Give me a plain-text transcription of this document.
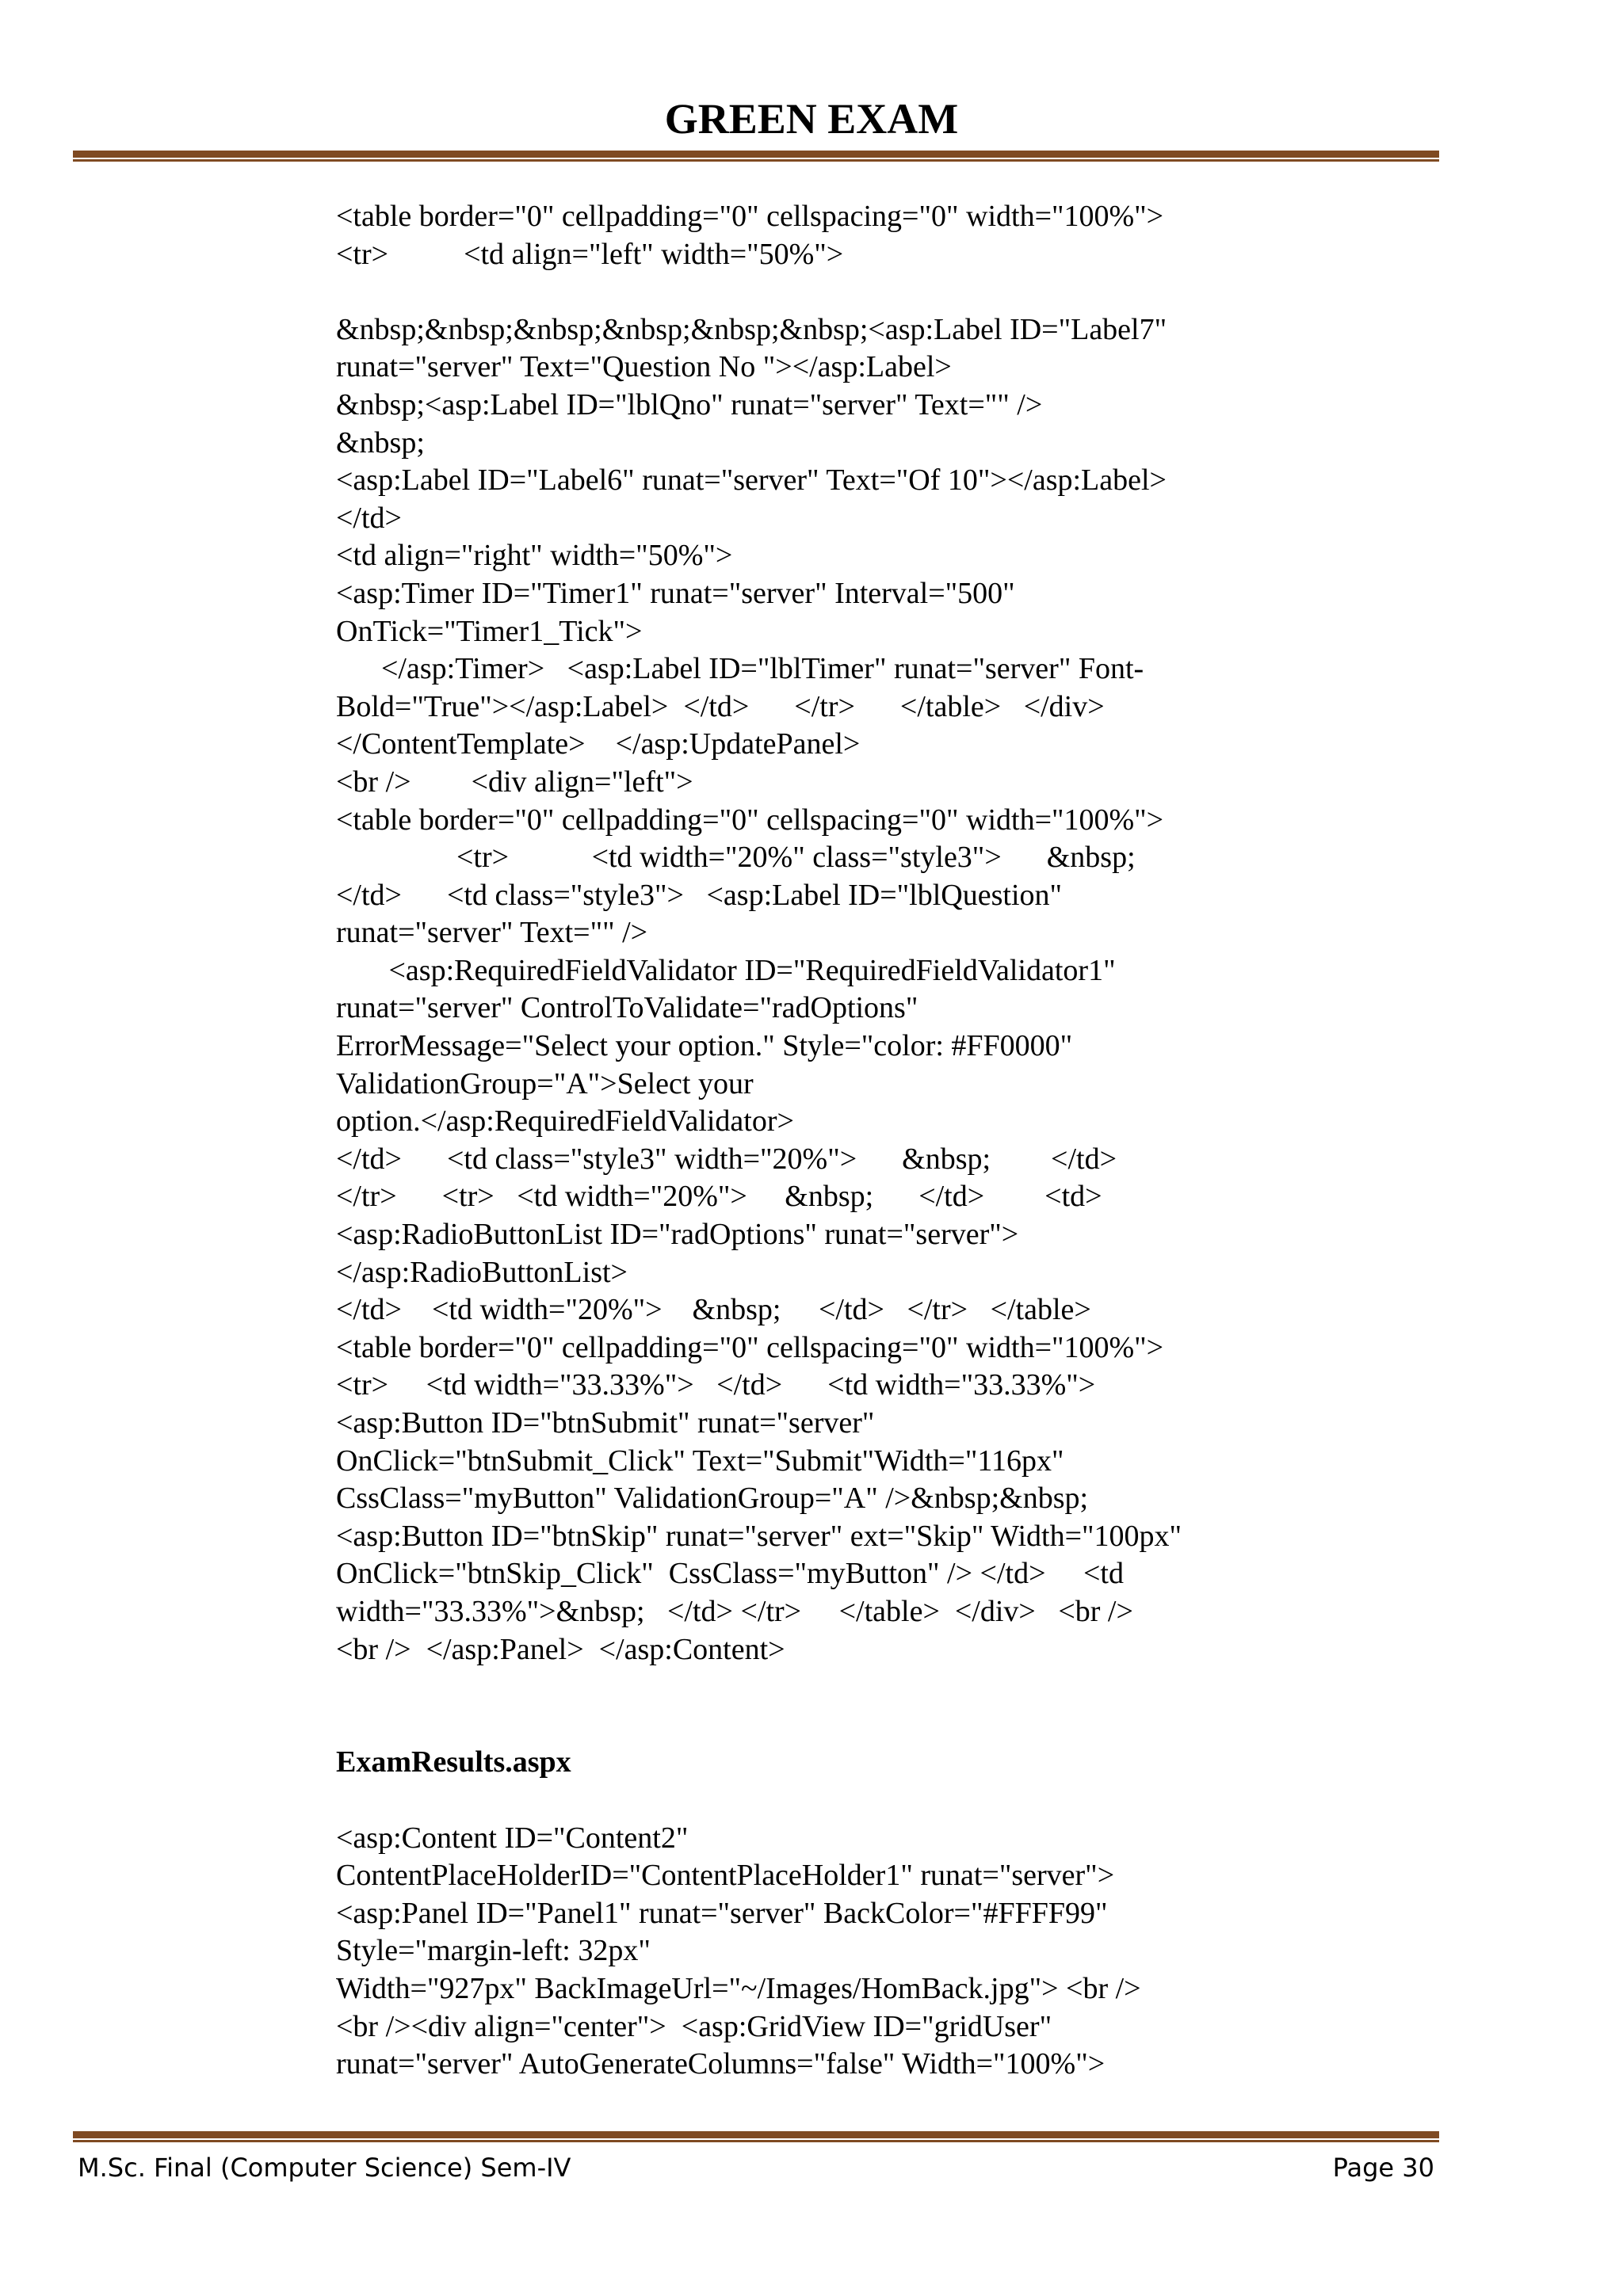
GREEN EXAM
<table border="0" cellpadding="0" cellspacing="0" width="100%">
<tr>          <td align="left" width="50%">
&nbsp;&nbsp;&nbsp;&nbsp;&nbsp;&nbsp;<asp:Label ID="Label7"
runat="server" Text="Question No "></asp:Label>
&nbsp;<asp:Label ID="lblQno" runat="server" Text="" />
&nbsp;
<asp:Label ID="Label6" runat="server" Text="Of 10"></asp:Label>
</td>
<td align="right" width="50%">
<asp:Timer ID="Timer1" runat="server" Interval="500"
OnTick="Timer1_Tick">
</asp:Timer>   <asp:Label ID="lblTimer" runat="server" Font-
Bold="True"></asp:Label>  </td>      </tr>      </table>   </div>
</ContentTemplate>    </asp:UpdatePanel>
<br />        <div align="left">
<table border="0" cellpadding="0" cellspacing="0" width="100%">
<tr>           <td width="20%" class="style3">      &nbsp;
</td>      <td class="style3">   <asp:Label ID="lblQuestion"
runat="server" Text="" />
<asp:RequiredFieldValidator ID="RequiredFieldValidator1"
runat="server" ControlToValidate="radOptions"
ErrorMessage="Select your option." Style="color: #FF0000"
ValidationGroup="A">Select your
option.</asp:RequiredFieldValidator>
</td>      <td class="style3" width="20%">      &nbsp;        </td>
</tr>      <tr>   <td width="20%">     &nbsp;      </td>        <td>
<asp:RadioButtonList ID="radOptions" runat="server">
</asp:RadioButtonList>
</td>    <td width="20%">    &nbsp;     </td>   </tr>   </table>
<table border="0" cellpadding="0" cellspacing="0" width="100%">
<tr>     <td width="33.33%">   </td>      <td width="33.33%">
<asp:Button ID="btnSubmit" runat="server"
OnClick="btnSubmit_Click" Text="Submit"Width="116px"
CssClass="myButton" ValidationGroup="A" />&nbsp;&nbsp;
<asp:Button ID="btnSkip" runat="server" ext="Skip" Width="100px"
OnClick="btnSkip_Click"  CssClass="myButton" /> </td>     <td
width="33.33%">&nbsp;   </td> </tr>     </table>  </div>   <br />
<br />  </asp:Panel>  </asp:Content>
ExamResults.aspx
<asp:Content ID="Content2"
ContentPlaceHolderID="ContentPlaceHolder1" runat="server">
<asp:Panel ID="Panel1" runat="server" BackColor="#FFFF99"
Style="margin-left: 32px"
Width="927px" BackImageUrl="~/Images/HomBack.jpg"> <br />
<br /><div align="center">  <asp:GridView ID="gridUser"
runat="server" AutoGenerateColumns="false" Width="100%">
M.Sc. Final (Computer Science) Sem-IV	Page 30
